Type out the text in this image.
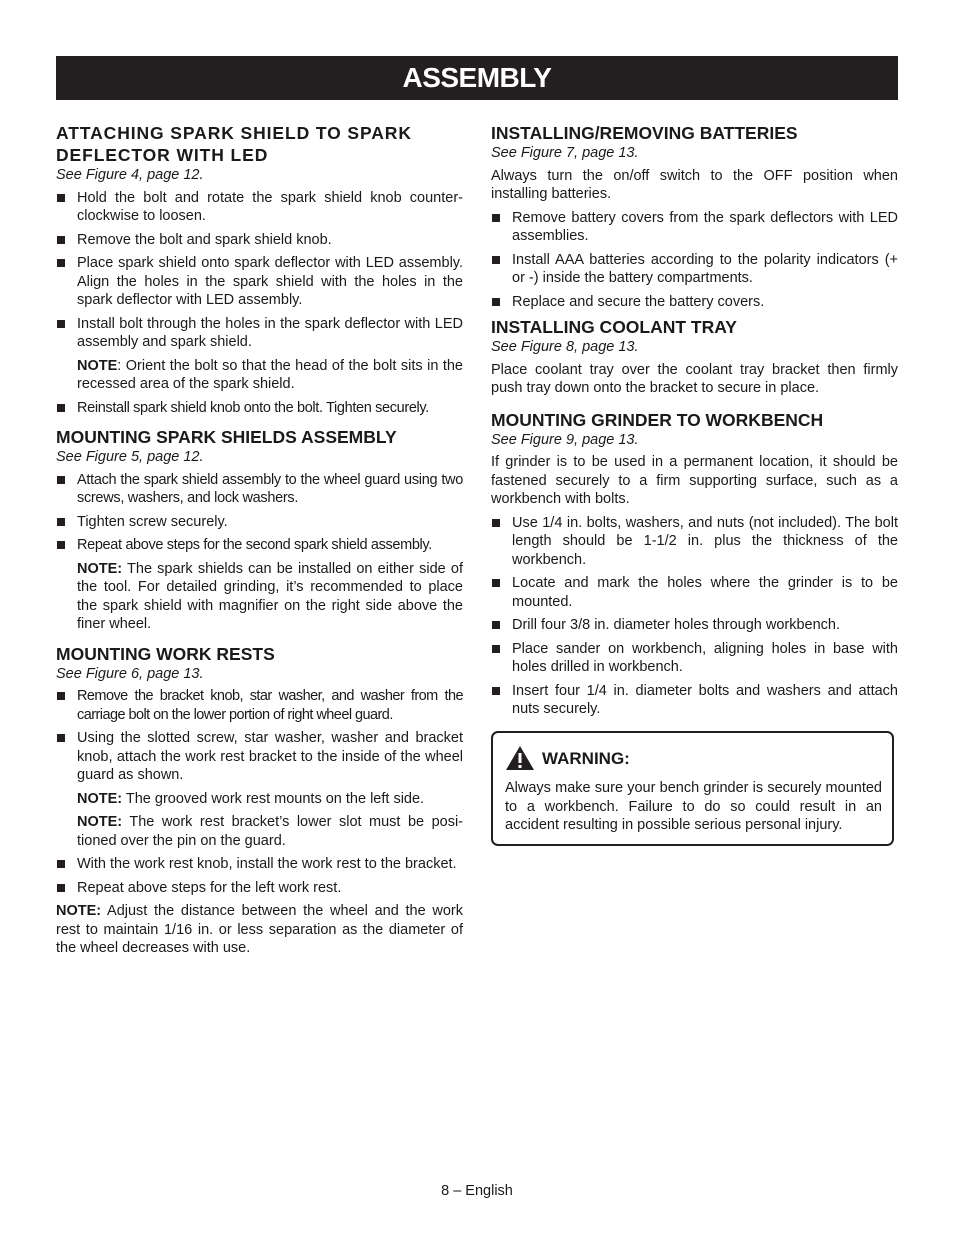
ASSEMBLY
ATTACHING SPARK SHIELD TO SPARK DEFLECTOR WITH LED
See Figure 4, page 12.
Hold the bolt and rotate the spark shield knob counter-clockwise to loosen.
Remove the bolt and spark shield knob.
Place spark shield onto spark deflector with LED assembly. Align the holes in the spark shield with the holes in the spark deflector with LED assembly.
Install bolt through the holes in the spark deflector with LED assembly and spark shield.
NOTE: Orient the bolt so that the head of the bolt sits in the recessed area of the spark shield.
Reinstall spark shield knob onto the bolt. Tighten securely.
MOUNTING SPARK SHIELDS ASSEMBLY
See Figure 5, page 12.
Attach the spark shield assembly to the wheel guard using two screws, washers, and lock washers.
Tighten screw securely.
Repeat above steps for the second spark shield assembly.
NOTE: The spark shields can be installed on either side of the tool. For detailed grinding, it’s recommended to place the spark shield with magnifier on the right side above the finer wheel.
MOUNTING WORK RESTS
See Figure 6, page 13.
Remove the bracket knob, star washer, and washer from the carriage bolt on the lower portion of right wheel guard.
Using the slotted screw, star washer, washer and bracket knob, attach the work rest bracket to the inside of the wheel guard as shown.
NOTE: The grooved work rest mounts on the left side.
NOTE: The work rest bracket’s lower slot must be posi-tioned over the pin on the guard.
With the work rest knob, install the work rest to the bracket.
Repeat above steps for the left work rest.

NOTE: Adjust the distance between the wheel and the work rest to maintain 1/16 in. or less separation as the diameter of the wheel decreases with use.

INSTALLING/REMOVING BATTERIES
See Figure 7, page 13.

Always turn the on/off switch to the OFF position when installing batteries.

Remove battery covers from the spark deflectors with LED assemblies.
Install AAA batteries according to the polarity indicators (+ or -) inside the battery compartments.
Replace and secure the battery covers.
INSTALLING COOLANT TRAY
See Figure 8, page 13.

Place coolant tray over the coolant tray bracket then firmly push tray down onto the bracket to secure in place.

MOUNTING GRINDER TO WORKBENCH
See Figure 9, page 13.

If grinder is to be used in a permanent location, it should be fastened securely to a firm supporting surface, such as a workbench with bolts.

Use 1/4 in. bolts, washers, and nuts (not included). The bolt length should be 1-1/2 in. plus the thickness of the workbench.
Locate and mark the holes where the grinder is to be mounted.
Drill four 3/8 in. diameter holes through workbench.
Place sander on workbench, aligning holes in base with holes drilled in workbench.
Insert four 1/4 in. diameter bolts and washers and attach nuts securely.
WARNING:
Always make sure your bench grinder is securely mounted to a workbench. Failure to do so could result in an accident resulting in possible serious personal injury.
8 – English
